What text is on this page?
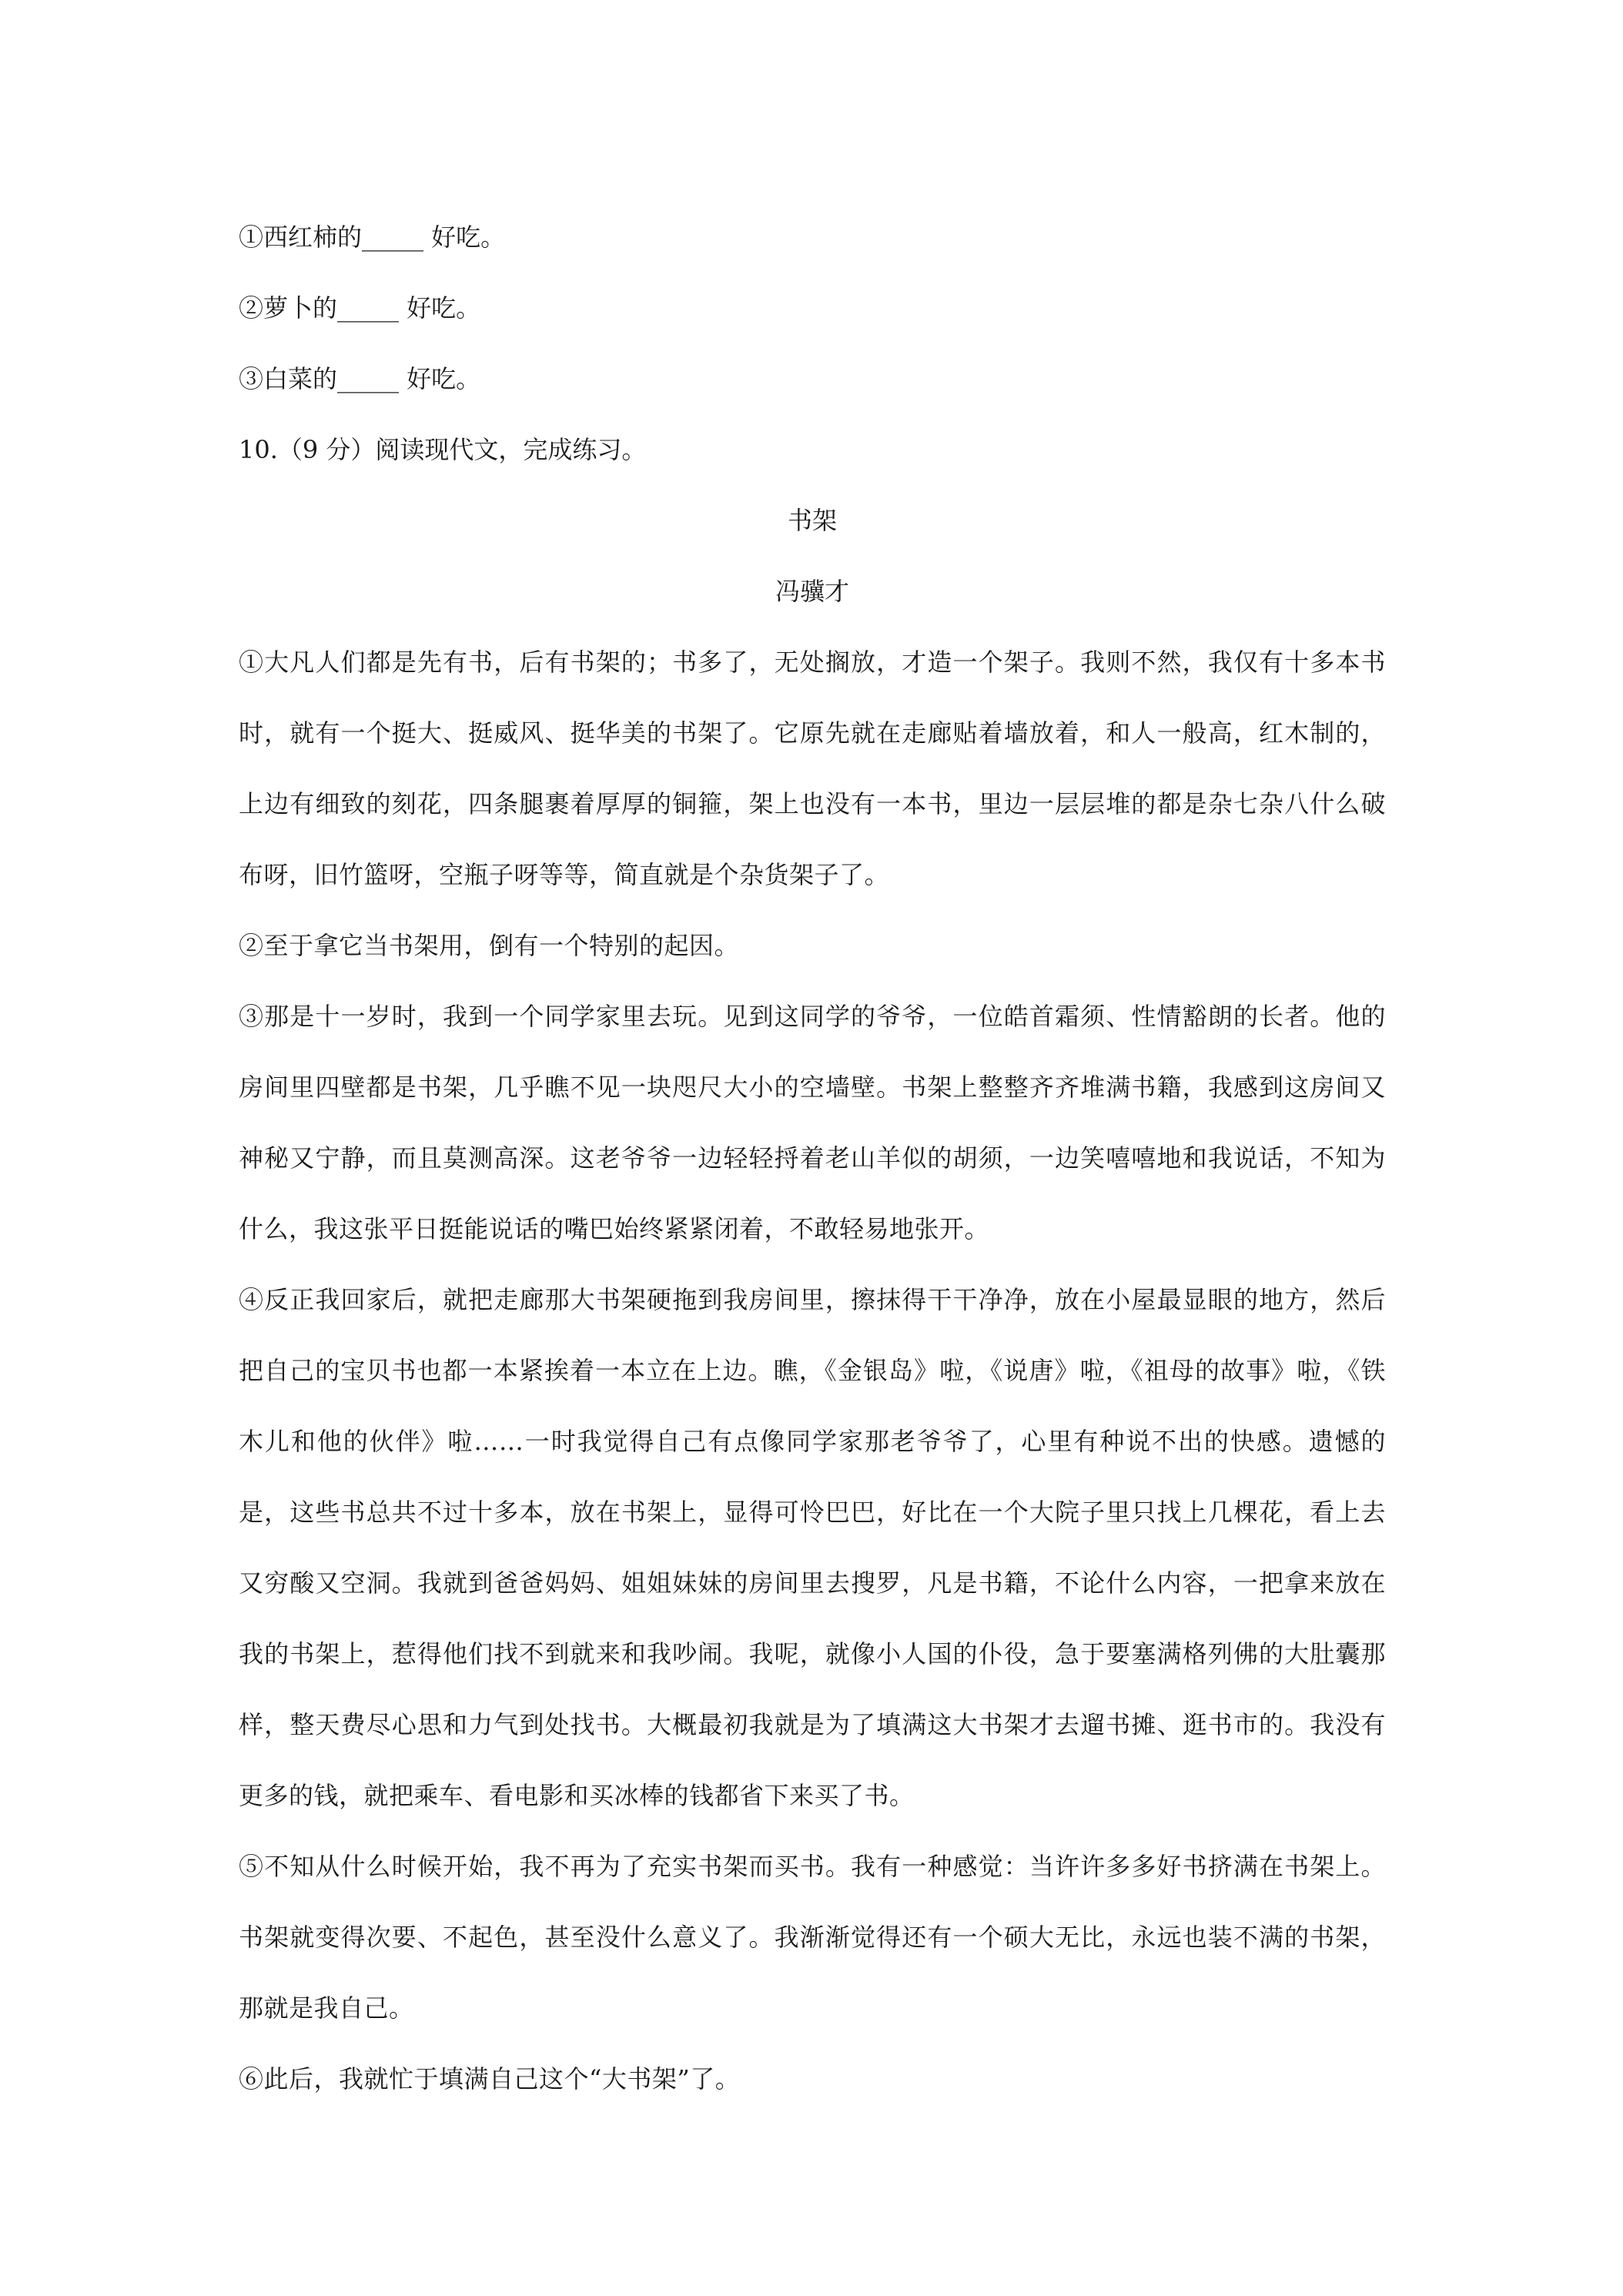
①西红柿的_____ 好吃。
②萝卜的_____ 好吃。
③白菜的_____ 好吃。
10.（9 分）阅读现代文，完成练习。
书架
冯骥才

①大凡人们都是先有书，后有书架的；书多了，无处搁放，才造一个架子。我则不然，我仅有十多本书时，就有一个挺大、挺威风、挺华美的书架了。它原先就在走廊贴着墙放着，和人一般高，红木制的，上边有细致的刻花，四条腿裹着厚厚的铜箍，架上也没有一本书，里边一层层堆的都是杂七杂八什么破布呀，旧竹篮呀，空瓶子呀等等，简直就是个杂货架子了。

②至于拿它当书架用，倒有一个特别的起因。

③那是十一岁时，我到一个同学家里去玩。见到这同学的爷爷，一位皓首霜须、性情豁朗的长者。他的房间里四壁都是书架，几乎瞧不见一块咫尺大小的空墙壁。书架上整整齐齐堆满书籍，我感到这房间又神秘又宁静，而且莫测高深。这老爷爷一边轻轻捋着老山羊似的胡须，一边笑嘻嘻地和我说话，不知为什么，我这张平日挺能说话的嘴巴始终紧紧闭着，不敢轻易地张开。

④反正我回家后，就把走廊那大书架硬拖到我房间里，擦抹得干干净净，放在小屋最显眼的地方，然后把自己的宝贝书也都一本紧挨着一本立在上边。瞧，《金银岛》啦，《说唐》啦，《祖母的故事》啦，《铁木儿和他的伙伴》啦……一时我觉得自己有点像同学家那老爷爷了，心里有种说不出的快感。遗憾的是，这些书总共不过十多本，放在书架上，显得可怜巴巴，好比在一个大院子里只找上几棵花，看上去又穷酸又空洞。我就到爸爸妈妈、姐姐妹妹的房间里去搜罗，凡是书籍，不论什么内容，一把拿来放在我的书架上，惹得他们找不到就来和我吵闹。我呢，就像小人国的仆役，急于要塞满格列佛的大肚囊那样，整天费尽心思和力气到处找书。大概最初我就是为了填满这大书架才去遛书摊、逛书市的。我没有更多的钱，就把乘车、看电影和买冰棒的钱都省下来买了书。

⑤不知从什么时候开始，我不再为了充实书架而买书。我有一种感觉：当许许多多好书挤满在书架上。书架就变得次要、不起色，甚至没什么意义了。我渐渐觉得还有一个硕大无比，永远也装不满的书架，那就是我自己。

⑥此后，我就忙于填满自己这个“大书架”了。
